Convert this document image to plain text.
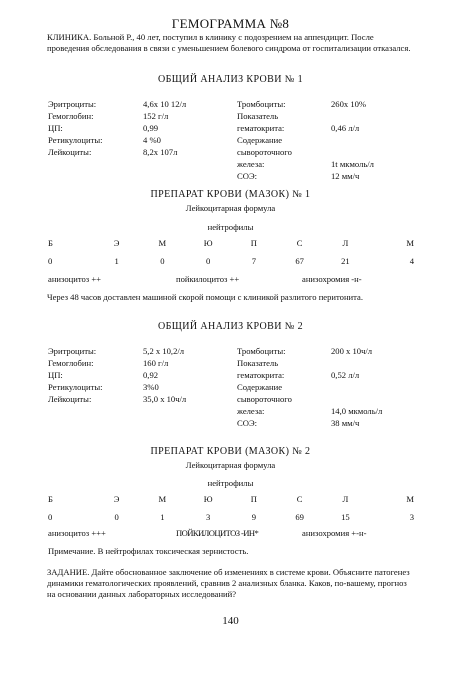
ГЕМОГРАММА №8
КЛИНИКА. Больной Р., 40 лет, поступил в клинику с подозрением на аппендицит. После проведения обследования в связи с уменьшением болевого синдрома от госпитализации отказался.
ОБЩИЙ АНАЛИЗ КРОВИ № 1
Эритроциты:	4,6х 10 12/л
Гемоглобин:	152 г/л
ЦП:	0,99
Ретикулоциты:	4 %0
Лейкоциты:	8,2х 107л
Тромбоциты:	260х 10%
Показатель
гематокрита:	0,46 л/л
Содержание
сывороточного
железа:	1t мкмоль/л
СОЭ:	12 мм/ч
ПРЕПАРАТ КРОВИ (МАЗОК) № 1
Лейкоцитарная формула
нейтрофилы
Б	Э	М	Ю	П	С	Л	М
0	1	0	0	7	67	21	4
анизоцитоз ++	пойкилоцитоз ++	анизохромия -н-
Через 48 часов доставлен машиной скорой помощи с клиникой разлитого перитонита.
ОБЩИЙ АНАЛИЗ КРОВИ № 2
Эритроциты:	5,2 х 10,2/л
Гемоглобин:	160 г/л
ЦП:	0,92
Ретикулоциты:	3%0
Лейкоциты:	35,0 х 10ч/л
Тромбоциты:	200 х 10ч/л
Показатель
гематокрита:	0,52 л/л
Содержание
сывороточного
железа:	14,0 мкмоль/л
СОЭ:	38 мм/ч
ПРЕПАРАТ КРОВИ (МАЗОК) № 2
Лейкоцитарная формула
нейтрофилы
Б	Э	М	Ю	П	С	Л	М
0	0	1	3	9	69	15	3
анизоцитоз +++	ПОЙКИЛОЦИТОЗ -ИН*	анизохромия +-н-
Примечание. В нейтрофилах токсическая зернистость.
ЗАДАНИЕ. Дайте обоснованное заключение об изменениях в системе крови. Объясните патогенез динамики гематологических проявлений, сравнив 2 анализных бланка. Каков, по-вашему, прогноз на основании данных лабораторных исследований?
140
